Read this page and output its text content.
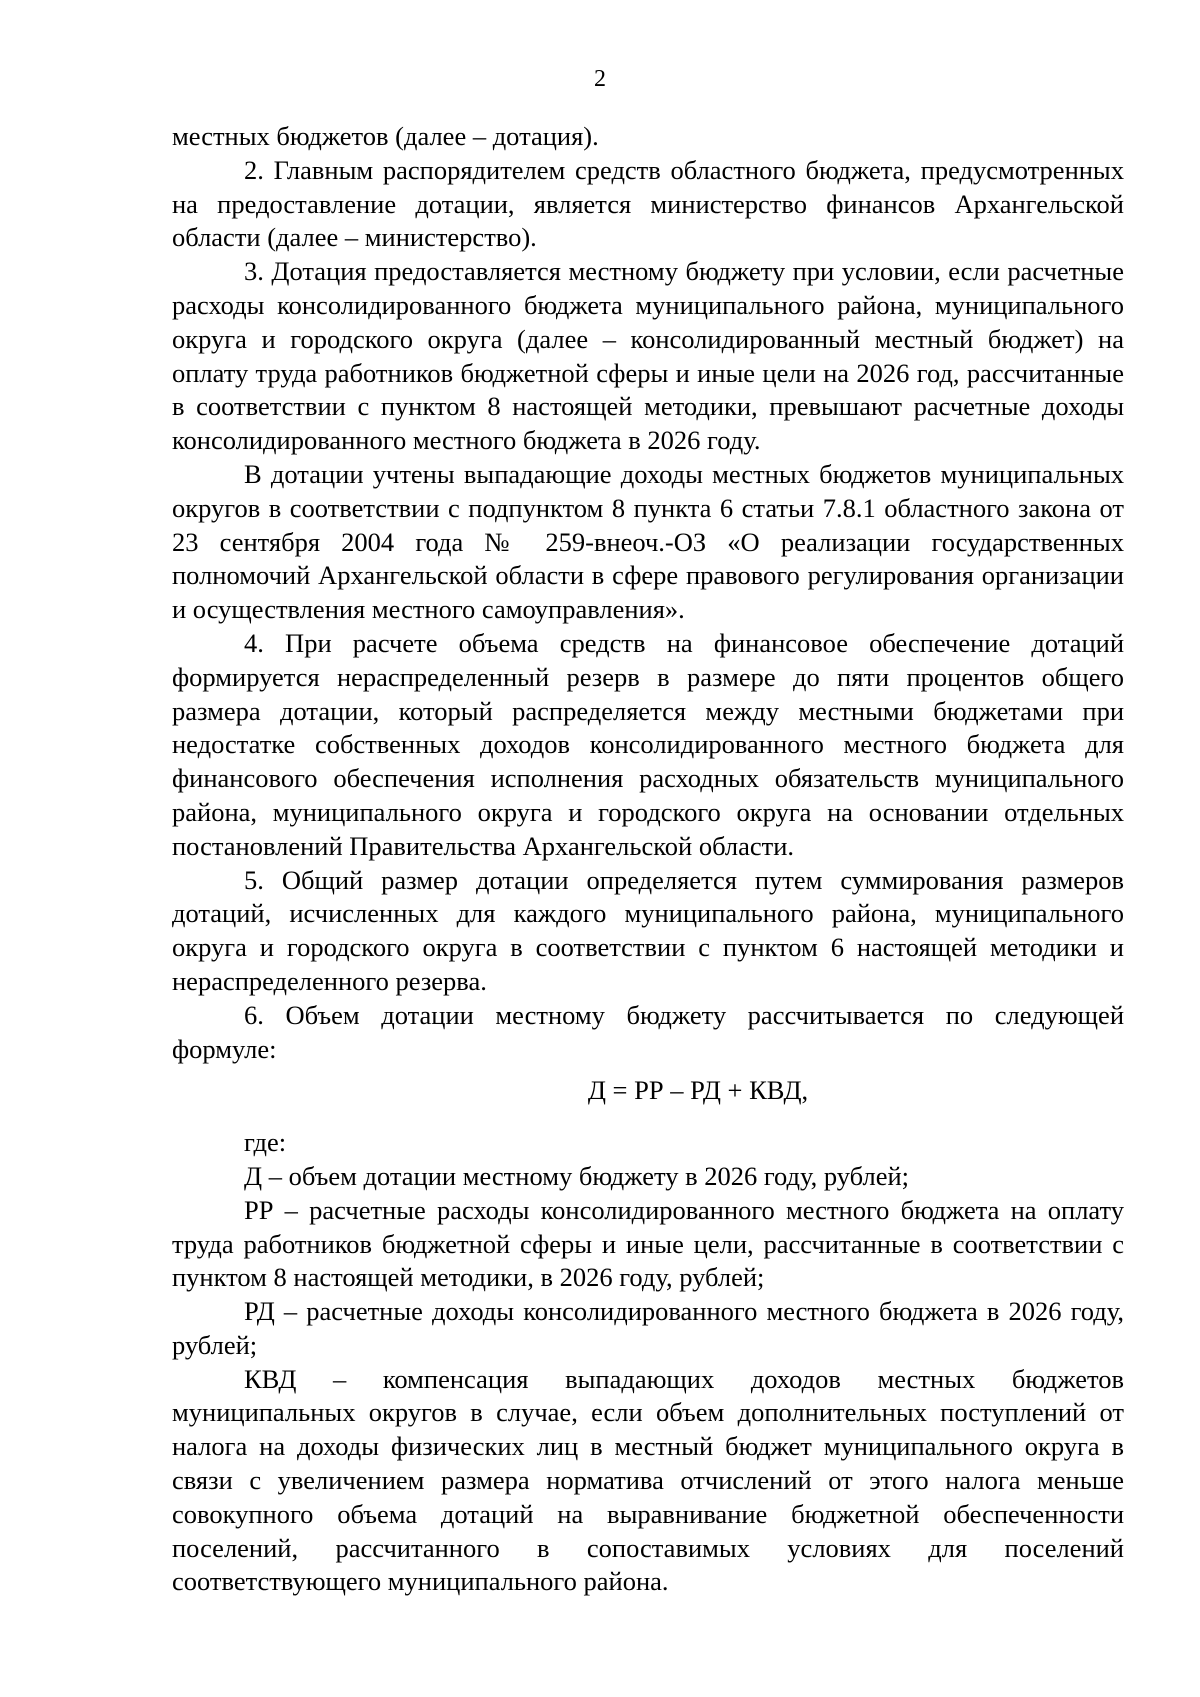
2

местных бюджетов (далее – дотация).

2. Главным распорядителем средств областного бюджета, предусмотренных на предоставление дотации, является министерство финансов Архангельской области (далее – министерство).

3. Дотация предоставляется местному бюджету при условии, если расчетные расходы консолидированного бюджета муниципального района, муниципального округа и городского округа (далее – консолидированный местный бюджет) на оплату труда работников бюджетной сферы и иные цели на 2026 год, рассчитанные в соответствии с пунктом 8 настоящей методики, превышают расчетные доходы консолидированного местного бюджета в 2026 году.

В дотации учтены выпадающие доходы местных бюджетов муниципальных округов в соответствии с подпунктом 8 пункта 6 статьи 7.8.1 областного закона от 23 сентября 2004 года № 259-внеоч.-ОЗ «О реализации государственных полномочий Архангельской области в сфере правового регулирования организации и осуществления местного самоуправления».

4. При расчете объема средств на финансовое обеспечение дотаций формируется нераспределенный резерв в размере до пяти процентов общего размера дотации, который распределяется между местными бюджетами при недостатке собственных доходов консолидированного местного бюджета для финансового обеспечения исполнения расходных обязательств муниципального района, муниципального округа и городского округа на основании отдельных постановлений Правительства Архангельской области.

5. Общий размер дотации определяется путем суммирования размеров дотаций, исчисленных для каждого муниципального района, муниципального округа и городского округа в соответствии с пунктом 6 настоящей методики и нераспределенного резерва.

6. Объем дотации местному бюджету рассчитывается по следующей формуле:

Д = РР – РД + КВД,

где:

Д – объем дотации местному бюджету в 2026 году, рублей;

РР – расчетные расходы консолидированного местного бюджета на оплату труда работников бюджетной сферы и иные цели, рассчитанные в соответствии с пунктом 8 настоящей методики, в 2026 году, рублей;

РД – расчетные доходы консолидированного местного бюджета в 2026 году, рублей;

КВД – компенсация выпадающих доходов местных бюджетов муниципальных округов в случае, если объем дополнительных поступлений от налога на доходы физических лиц в местный бюджет муниципального округа в связи с увеличением размера норматива отчислений от этого налога меньше совокупного объема дотаций на выравнивание бюджетной обеспеченности поселений, рассчитанного в сопоставимых условиях для поселений соответствующего муниципального района.
